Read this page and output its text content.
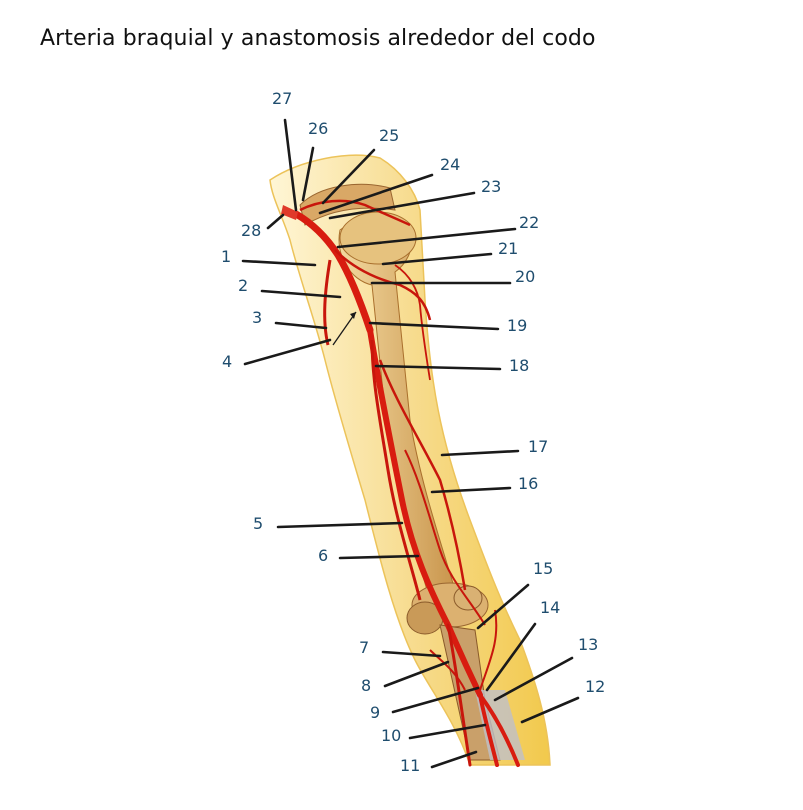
Arteria braquial y anastomosis alrededor del codo
1
2
3
4
5
6
7
8
9
10
11
12
13
14
15
16
17
18
19
20
21
22
23
24
25
26
27
28
